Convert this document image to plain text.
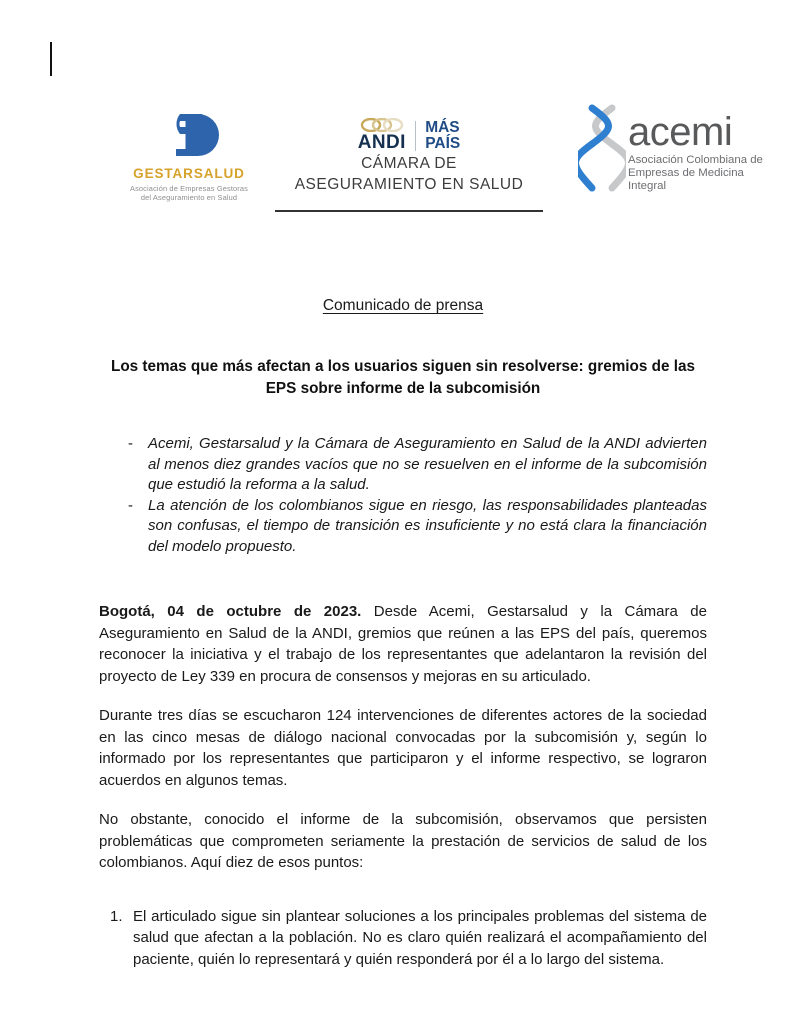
GESTARSALUD
Asociación de Empresas Gestoras
del Aseguramiento en Salud
ANDI
MÁS
PAÍS
CÁMARA DE
ASEGURAMIENTO EN SALUD
acemi
Asociación Colombiana de
Empresas de Medicina Integral
Comunicado de prensa
Los temas que más afectan a los usuarios siguen sin resolverse: gremios de las EPS sobre informe de la subcomisión
-	Acemi, Gestarsalud y la Cámara de Aseguramiento en Salud de la ANDI advierten al menos diez grandes vacíos que no se resuelven en el informe de la subcomisión que estudió la reforma a la salud.
-	La atención de los colombianos sigue en riesgo, las responsabilidades planteadas son confusas, el tiempo de transición es insuficiente y no está clara la financiación del modelo propuesto.

Bogotá, 04 de octubre de 2023. Desde Acemi, Gestarsalud y la Cámara de Aseguramiento en Salud de la ANDI, gremios que reúnen a las EPS del país, queremos reconocer la iniciativa y el trabajo de los representantes que adelantaron la revisión del proyecto de Ley 339 en procura de consensos y mejoras en su articulado.

Durante tres días se escucharon 124 intervenciones de diferentes actores de la sociedad en las cinco mesas de diálogo nacional convocadas por la subcomisión y, según lo informado por los representantes que participaron y el informe respectivo, se lograron acuerdos en algunos temas.

No obstante, conocido el informe de la subcomisión, observamos que persisten problemáticas que comprometen seriamente la prestación de servicios de salud de los colombianos. Aquí diez de esos puntos:

1. El articulado sigue sin plantear soluciones a los principales problemas del sistema de salud que afectan a la población. No es claro quién realizará el acompañamiento del paciente, quién lo representará y quién responderá por él a lo largo del sistema.
